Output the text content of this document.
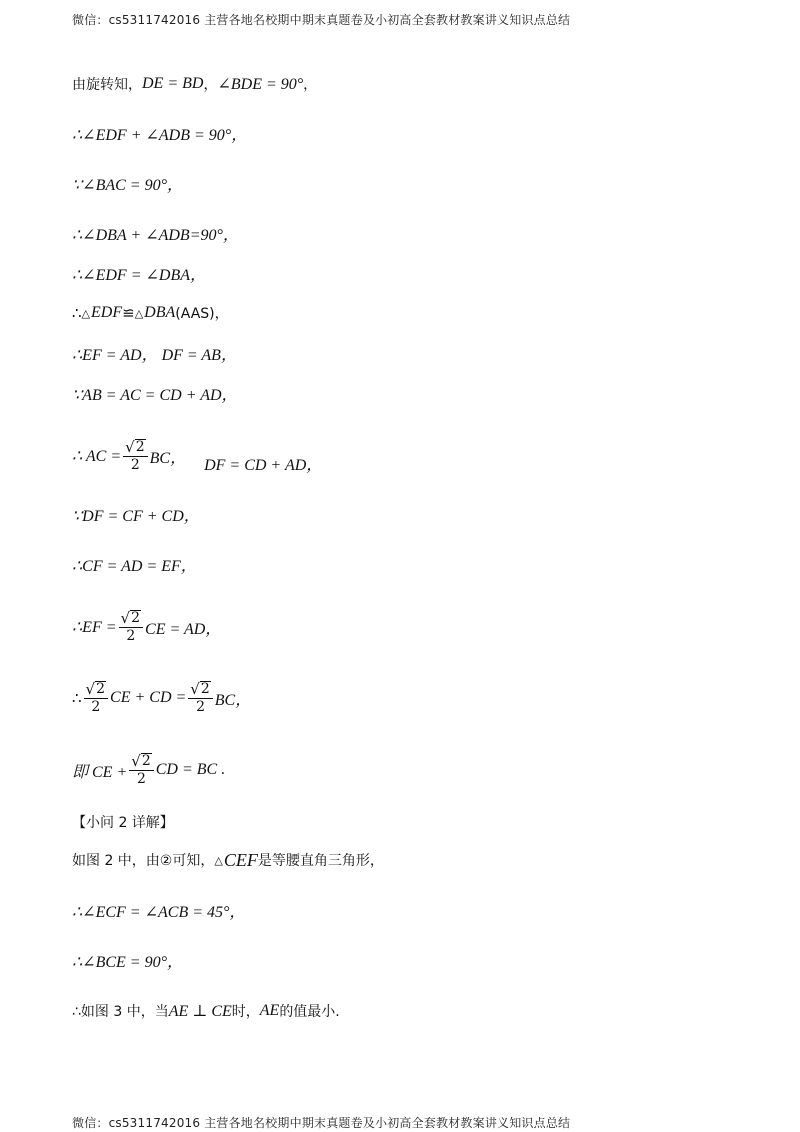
微信：cs5311742016 主营各地名校期中期末真题卷及小初高全套教材教案讲义知识点总结
由旋转知， DE = BD ， ∠BDE = 90° ，
∴∠EDF + ∠ADB = 90°，
∵∠BAC = 90°，
∴∠DBA + ∠ADB=90°，
∴∠EDF = ∠DBA，
∴ △ EDF ≌ △ DBA (AAS)，
∴EF = AD， DF = AB，
∵AB = AC = CD + AD，
∴ AC = $\frac{√ 2}{2}$ BC， DF = CD + AD，
∵DF = CF + CD，
∴CF = AD = EF，
∴EF = $\frac{√ 2}{2}$ CE = AD，
∴ $\frac{√ 2}{2}$ CE + CD = $\frac{√ 2}{2}$ BC，
即 CE + $\frac{√ 2}{2}$ CD = BC .
【小问 2 详解】
如图 2 中，由②可知， △ CEF 是等腰直角三角形，
∴∠ECF = ∠ACB = 45°，
∴∠BCE = 90°，
∴如图 3 中，当 AE ⊥ CE 时， AE 的值最小.
微信：cs5311742016 主营各地名校期中期末真题卷及小初高全套教材教案讲义知识点总结
